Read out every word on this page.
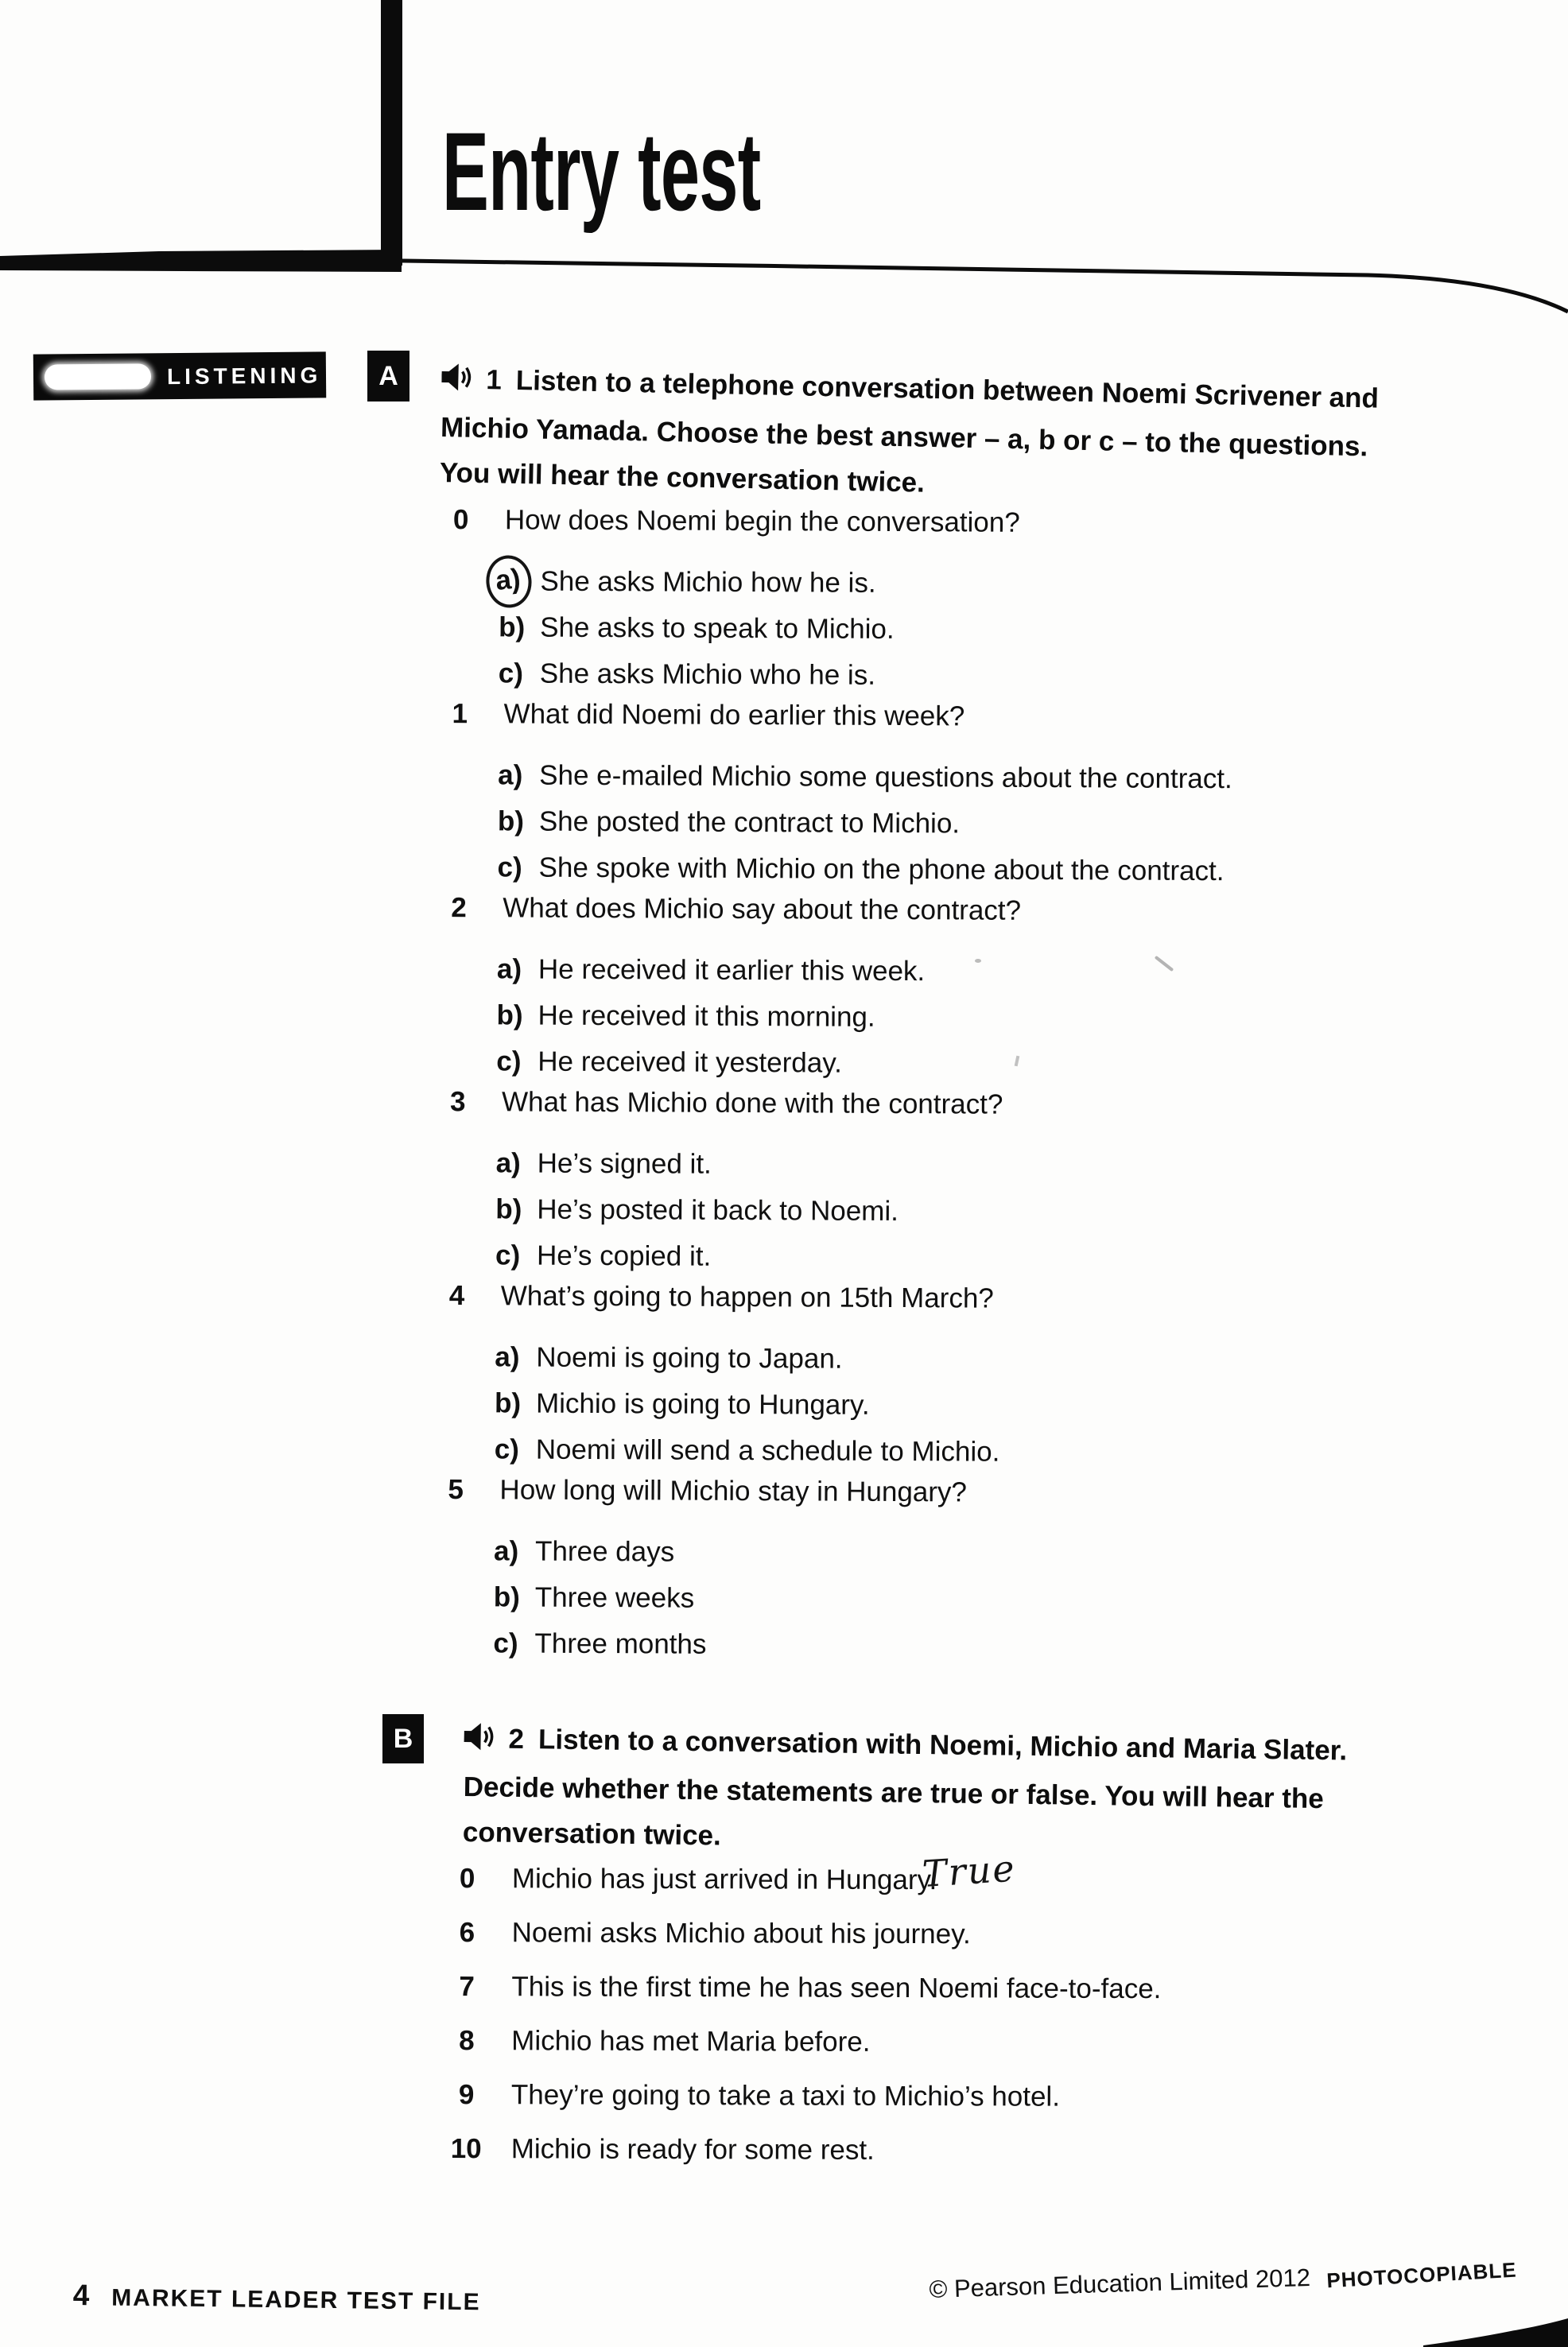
Entry test
LISTENING	A	1 Listen to a telephone conversation between Noemi Scrivener and
Michio Yamada. Choose the best answer – a, b or c – to the questions.
You will hear the conversation twice.
0 How does Noemi begin the conversation?
a) She asks Michio how he is.
b) She asks to speak to Michio.
c) She asks Michio who he is.
1 What did Noemi do earlier this week?
a) She e-mailed Michio some questions about the contract.
b) She posted the contract to Michio.
c) She spoke with Michio on the phone about the contract.
2 What does Michio say about the contract?
a) He received it earlier this week.
b) He received it this morning.
c) He received it yesterday.
3 What has Michio done with the contract?
a) He’s signed it.
b) He’s posted it back to Noemi.
c) He’s copied it.
4 What’s going to happen on 15th March?
a) Noemi is going to Japan.
b) Michio is going to Hungary.
c) Noemi will send a schedule to Michio.
5 How long will Michio stay in Hungary?
a) Three days
b) Three weeks
c) Three months
B	2 Listen to a conversation with Noemi, Michio and Maria Slater.
Decide whether the statements are true or false. You will hear the
conversation twice.
0 Michio has just arrived in Hungary.
True
6 Noemi asks Michio about his journey.
7 This is the first time he has seen Noemi face-to-face.
8 Michio has met Maria before.
9 They’re going to take a taxi to Michio’s hotel.
10 Michio is ready for some rest.
4 MARKET LEADER TEST FILE	© Pearson Education Limited 2012 PHOTOCOPIABLE
